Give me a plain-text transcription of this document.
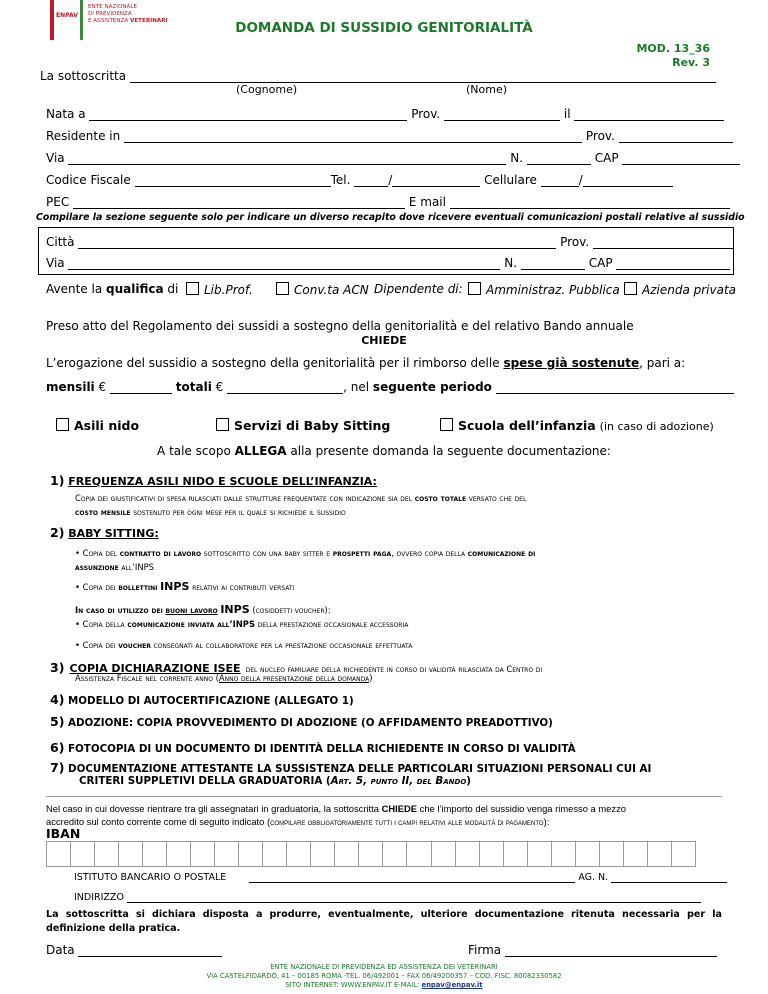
ENPAV
ENTE NAZIONALE
DI PREVIDENZA
E ASSISTENZA VETERINARI	DOMANDA DI SUSSIDIO GENITORIALITÀ
MOD. 13_36
Rev. 3
La sottoscritta
(Cognome)	(Nome)
Nata a	Prov.	il
Residente in	Prov.
Via	N.	CAP
Codice Fiscale	Tel.	/	Cellulare	/
PEC	E mail
Compilare la sezione seguente solo per indicare un diverso recapito dove ricevere eventuali comunicazioni postali relative al sussidio
Città	Prov.
Via	N.	CAP
Avente la qualifica di	Lib.Prof.	Conv.ta ACN Dipendente di:	Amministraz. Pubblica	Azienda privata
Preso atto del Regolamento dei sussidi a sostegno della genitorialità e del relativo Bando annuale
CHIEDE
L’erogazione del sussidio a sostegno della genitorialità per il rimborso delle spese già sostenute, pari a:
mensili €	totali €	, nel seguente periodo
Asili nido	Servizi di Baby Sitting	Scuola dell’infanzia (in caso di adozione)
A tale scopo ALLEGA alla presente domanda la seguente documentazione:
1) FREQUENZA ASILI NIDO E SCUOLE DELL’INFANZIA:
Copia dei giustificativi di spesa rilasciati dalle strutture frequentate con indicazione sia del costo totale versato che del
costo mensile sostenuto per ogni mese per il quale si richiede il sussidio
2) BABY SITTING:
• Copia del contratto di lavoro sottoscritto con una baby sitter e prospetti paga, ovvero copia della comunicazione di
assunzione all’INPS
• Copia dei bollettini INPS relativi ai contributi versati
In caso di utilizzo dei buoni lavoro INPS (cosiddetti voucher):
• Copia della comunicazione inviata all’INPS della prestazione occasionale accessoria
• Copia dei voucher consegnati al collaboratore per la prestazione occasionale effettuata
3) COPIA DICHIARAZIONE ISEE del nucleo familiare della richiedente in corso di validità rilasciata da Centro di
Assistenza Fiscale nel corrente anno (Anno della presentazione della domanda)
4) MODELLO DI AUTOCERTIFICAZIONE (ALLEGATO 1)
5) ADOZIONE: COPIA PROVVEDIMENTO DI ADOZIONE (O AFFIDAMENTO PREADOTTIVO)
6) FOTOCOPIA DI UN DOCUMENTO DI IDENTITÀ DELLA RICHIEDENTE IN CORSO DI VALIDITÀ
7) DOCUMENTAZIONE ATTESTANTE LA SUSSISTENZA DELLE PARTICOLARI SITUAZIONI PERSONALI CUI AI
CRITERI SUPPLETIVI DELLA GRADUATORIA (Art. 5, punto II, del Bando)
Nel caso in cui dovesse rientrare tra gli assegnatari in graduatoria, la sottoscritta CHIEDE che l’importo del sussidio venga rimesso a mezzo
accredito sul conto corrente come di seguito indicato (compilare obbligatoriamente tutti i campi relativi alle modalità di pagamento):
IBAN
ISTITUTO BANCARIO O POSTALE	AG. N.
INDIRIZZO
La sottoscritta si dichiara disposta a produrre, eventualmente, ulteriore documentazione ritenuta necessaria per la definizione della pratica.
Data	Firma
ENTE NAZIONALE DI PREVIDENZA ED ASSISTENZA DEI VETERINARI
VIA CASTELFIDARDO, 41 – 00185 ROMA -TEL. 06/492001 – FAX 06/49200357 – COD. FISC. 80082330582
SITO INTERNET: WWW.ENPAV.IT E-MAIL: enpav@enpav.it
